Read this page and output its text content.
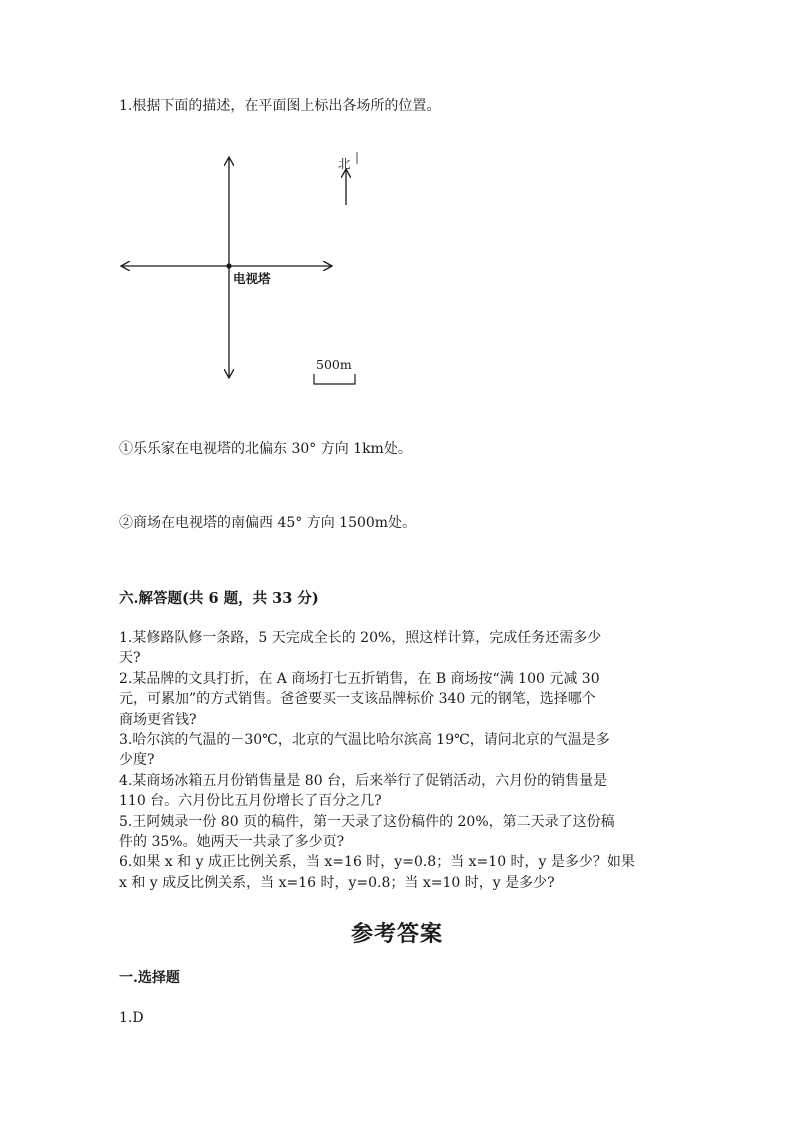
1.根据下面的描述，在平面图上标出各场所的位置。
电视塔
北
500m
①乐乐家在电视塔的北偏东 30° 方向 1km处。
②商场在电视塔的南偏西 45° 方向 1500m处。
六.解答题(共 6 题，共 33 分)
1.某修路队修一条路，5 天完成全长的 20%，照这样计算，完成任务还需多少
天?
2.某品牌的文具打折，在 A 商场打七五折销售，在 B 商场按“满 100 元减 30
元，可累加”的方式销售。爸爸要买一支该品牌标价 340 元的钢笔，选择哪个
商场更省钱?
3.哈尔滨的气温的－30℃，北京的气温比哈尔滨高 19℃，请问北京的气温是多
少度?
4.某商场冰箱五月份销售量是 80 台，后来举行了促销活动，六月份的销售量是
110 台。六月份比五月份增长了百分之几?
5.王阿姨录一份 80 页的稿件，第一天录了这份稿件的 20%，第二天录了这份稿
件的 35%。她两天一共录了多少页?
6.如果 x 和 y 成正比例关系，当 x=16 时，y=0.8；当 x=10 时，y 是多少？如果
x 和 y 成反比例关系，当 x=16 时，y=0.8；当 x=10 时，y 是多少?
参考答案
一.选择题
1.D
